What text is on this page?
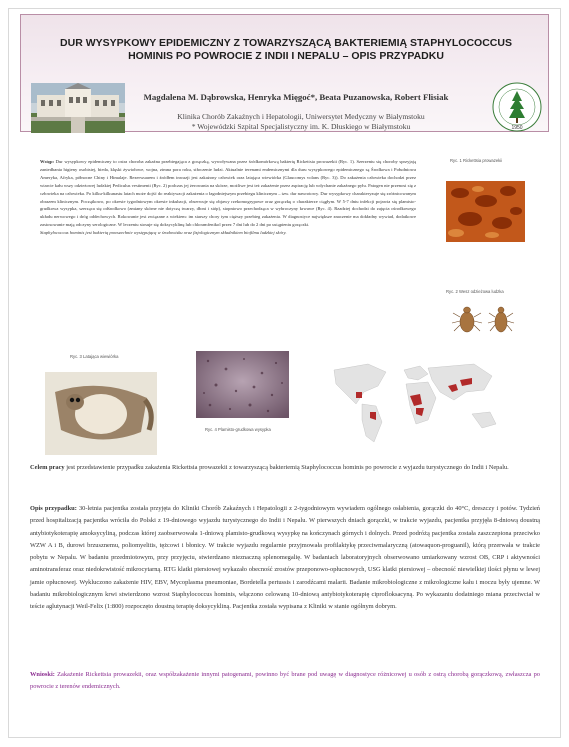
DUR WYSYPKOWY EPIDEMICZNY Z TOWARZYSZĄCĄ BAKTERIEMIĄ STAPHYLOCOCCUS HOMINIS PO POWROCIE Z INDII I NEPALU – OPIS PRZYPADKU
Magdalena M. Dąbrowska, Henryka Mięgoć*, Beata Puzanowska, Robert Flisiak
Klinika Chorób Zakaźnych i Hepatologii, Uniwersytet Medyczny w Białymstoku
* Wojewódzki Szpital Specjalistyczny im. K. Dłuskiego w Białymstoku	1950

Wstęp: Dur wysypkowy epidemiczny to ostra choroba zakaźna przebiegająca z gorączką, wywoływana przez śródkomórkową bakterię Rickettsia prowazekii (Ryc. 1). Szerzeniu się choroby sprzyjają zaniedbania higieny osobistej, bieda, klęski żywiołowe, wojna, zimna pora roku, stłoczenie ludzi. Aktualnie terenami endemicznymi dla duru wysypkowego epidemicznego są Środkowa i Południowa Ameryka, Afryka, północne Chiny i Himalaje. Rezerwuarem i źródłem inwazji jest zakażony człowiek oraz latająca wiewiórka (Glaucomys volans (Ryc. 3)). Do zakażenia człowieka dochodzi przez wtarcie kału wszy odzieżowej ludzkiej Pediculus vestimenti (Ryc. 2) podczas jej żerowania na skórze, możliwe jest też zakażenie przez aspirację lub wdychanie zakaźnego pyłu. Patogen nie przenosi się z człowieka na człowieka. Po kilku-kilkunastu latach może dojść do reaktywacji zakażenia o łagodniejszym przebiegu klinicznym – tzw. dur nawrotowy. Dur wysypkowy charakteryzuje się zróżnicowanym obrazem klinicznym. Początkowo, po okresie tygodniowym okresie inkubacji, obserwuje się objawy rzekomogrypowe oraz gorączkę o charakterze ciągłym. W 5-7 dniu infekcji pojawia się plamisto-grudkowa wysypka, szerząca się odśrodkowo (zmiany skórne nie dotyczą twarzy, dłoni i stóp), stopniowo przechodząca w wybroczyny krwawe (Ryc. 4). Rzadziej dochodzi do zajęcia ośrodkowego układu nerwowego i dróg oddechowych. Rokowanie jest związane z wiekiem: im starszy chory tym cięższy przebieg zakażenia. W diagnostyce największe znaczenie ma dokładny wywiad, dodatkowe zastosowanie mają odczyny serologiczne. W leczeniu stosuje się doksycyklinę lub chloramfenikol przez 7 dni lub do 2 dni po ustąpieniu gorączki.

Staphylococcus hominis jest bakterią powszechnie występującą w środowisku oraz fizjologicznym składnikiem biofilmu ludzkiej skóry.

Ryc. 1 Rickettsia prowazekii
Ryc. 2 Wesz odzieżowa ludzka
Ryc. 3 Latająca wiewiórka
Ryc. 4 Plamisto-grudkowa wysypka
Celem pracy jest przedstawienie przypadku zakażenia Rickettsia prowazekii z towarzyszącą bakteriemią Staphylococcus hominis po powrocie z wyjazdu turystycznego do Indii i Nepalu.
Opis przypadku: 30-letnia pacjentka została przyjęta do Kliniki Chorób Zakaźnych i Hepatologii z 2-tygodniowym wywiadem ogólnego osłabienia, gorączki do 40°C, dreszczy i potów. Tydzień przed hospitalizacją pacjentka wróciła do Polski z 19-dniowego wyjazdu turystycznego do Indii i Nepalu. W pierwszych dniach gorączki, w trakcie wyjazdu, pacjentka przyjęła 8-dniową doustną antybiotykoterapię amoksycyliną, podczas której zaobserwowała 1-dniową plamisto-grudkową wysypkę na kończynach górnych i dolnych. Przed podróżą pacjentka została zaszczepiona przeciwko WZW A i B, durowi brzusznemu, poliomyelitis, tężcowi i błonicy. W trakcie wyjazdu regularnie przyjmowała profilaktykę przeciwmalaryczną (atowaquon-proguanil), którą przerwała w trakcie pobytu w Nepalu. W badaniu przedmiotowym, przy przyjęciu, stwierdzano nieznaczną splenomegalię. W badaniach laboratoryjnych obserwowano umiarkowany wzrost OB, CRP i aktywności aminotransferaz oraz niedokrwistość mikrocytarną. RTG klatki piersiowej wykazało obecność zrostów przeponowo-opłucnowych, USG klatki piersiowej – obecność niewielkiej ilości płynu w lewej jamie opłucnowej. Wykluczono zakażenie HIV, EBV, Mycoplasma pneumoniae, Bordetella pertussis i zarodźcami malarii. Badanie mikrobiologiczne z mikrologiczne kału i moczu były ujemne. W badaniu mikrobiologicznym krwi stwierdzono wzrost Staphylococcus hominis, włączono celowaną 10-dniową antybiotykoterapię ciprofloksacyną. Po wykazaniu dodatniego miana przeciwciał w teście aglutynacji Weil-Felix (1:800) rozpoczęto doustną terapię doksycykliną. Pacjentka została wypisana z Kliniki w stanie ogólnym dobrym.
Wnioski: Zakażenie Rickettsia prowazekii, oraz współzakażenie innymi patogenami, powinno być brane pod uwagę w diagnostyce różnicowej u osób z ostrą chorobą gorączkową, zwłaszcza po powrocie z terenów endemicznych.
